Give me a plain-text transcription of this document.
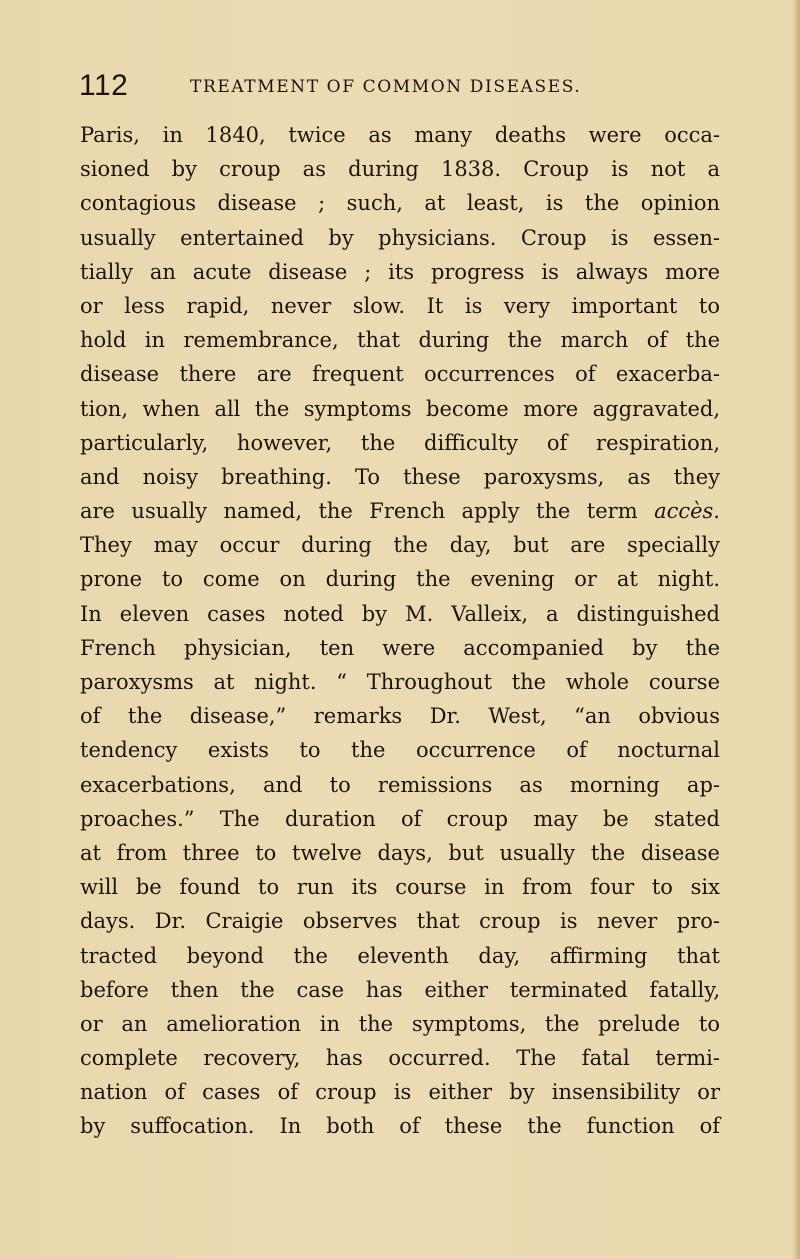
112	TREATMENT OF COMMON DISEASES.
Paris, in 1840, twice as many deaths were occa-
sioned by croup as during 1838. Croup is not a
contagious disease ; such, at least, is the opinion
usually entertained by physicians. Croup is essen-
tially an acute disease ; its progress is always more
or less rapid, never slow. It is very important to
hold in remembrance, that during the march of the
disease there are frequent occurrences of exacerba-
tion, when all the symptoms become more aggravated,
particularly, however, the difficulty of respiration,
and noisy breathing. To these paroxysms, as they
are usually named, the French apply the term accès.
They may occur during the day, but are specially
prone to come on during the evening or at night.
In eleven cases noted by M. Valleix, a distinguished
French physician, ten were accompanied by the
paroxysms at night. “ Throughout the whole course
of the disease,” remarks Dr. West, “an obvious
tendency exists to the occurrence of nocturnal
exacerbations, and to remissions as morning ap-
proaches.” The duration of croup may be stated
at from three to twelve days, but usually the disease
will be found to run its course in from four to six
days. Dr. Craigie observes that croup is never pro-
tracted beyond the eleventh day, affirming that
before then the case has either terminated fatally,
or an amelioration in the symptoms, the prelude to
complete recovery, has occurred. The fatal termi-
nation of cases of croup is either by insensibility or
by suffocation. In both of these the function of
